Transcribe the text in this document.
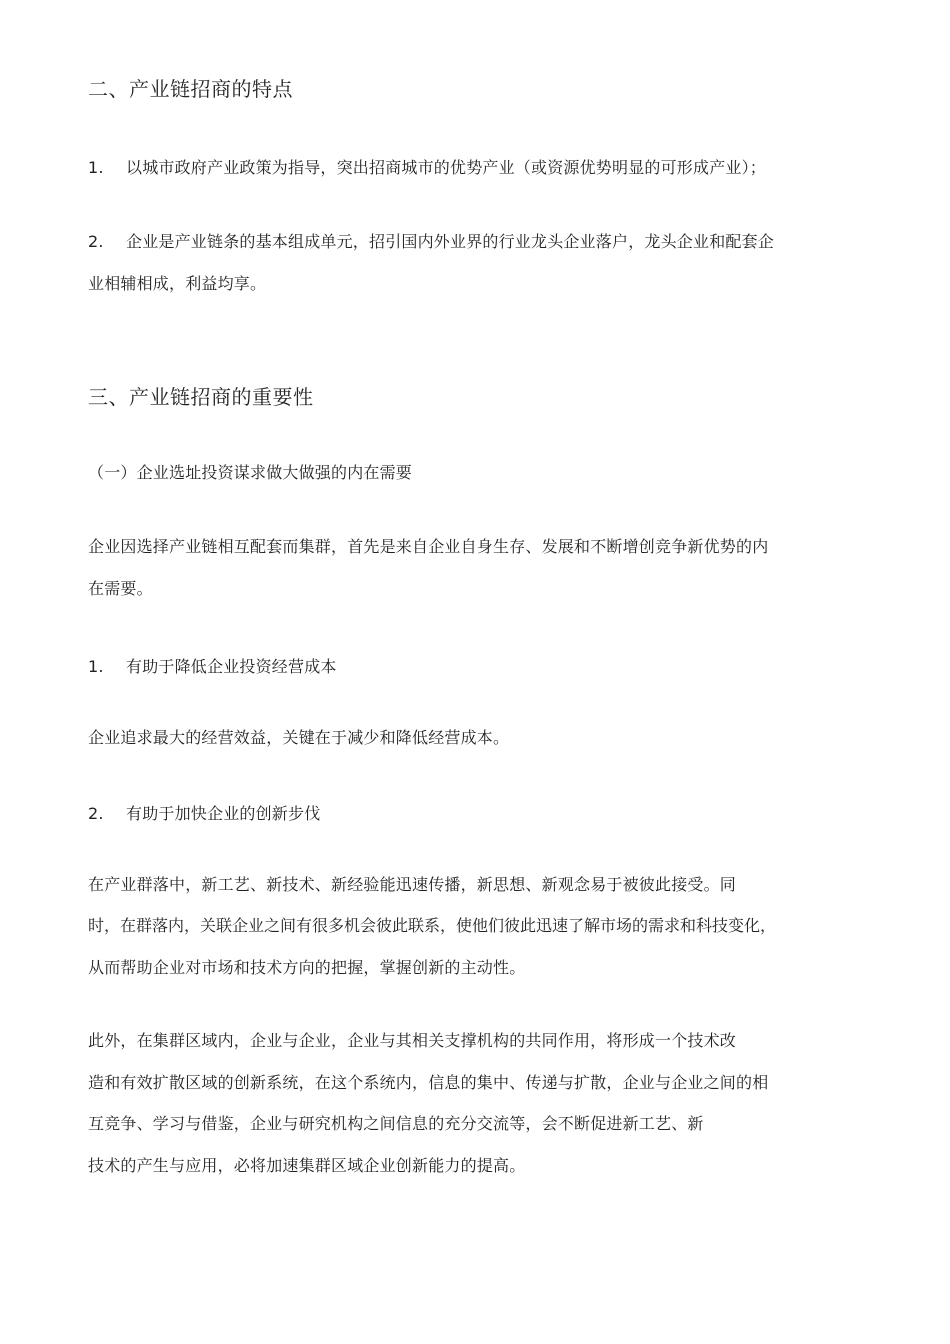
二、产业链招商的特点

1. 以城市政府产业政策为指导，突出招商城市的优势产业（或资源优势明显的可形成产业）；

2. 企业是产业链条的基本组成单元，招引国内外业界的行业龙头企业落户，龙头企业和配套企

业相辅相成，利益均享。

三、产业链招商的重要性

（一）企业选址投资谋求做大做强的内在需要

企业因选择产业链相互配套而集群，首先是来自企业自身生存、发展和不断增创竞争新优势的内

在需要。

1. 有助于降低企业投资经营成本

企业追求最大的经营效益，关键在于减少和降低经营成本。

2. 有助于加快企业的创新步伐

在产业群落中，新工艺、新技术、新经验能迅速传播，新思想、新观念易于被彼此接受。同

时，在群落内，关联企业之间有很多机会彼此联系，使他们彼此迅速了解市场的需求和科技变化，

从而帮助企业对市场和技术方向的把握，掌握创新的主动性。

此外，在集群区域内，企业与企业，企业与其相关支撑机构的共同作用，将形成一个技术改

造和有效扩散区域的创新系统，在这个系统内，信息的集中、传递与扩散，企业与企业之间的相

互竞争、学习与借鉴，企业与研究机构之间信息的充分交流等，会不断促进新工艺、新

技术的产生与应用，必将加速集群区域企业创新能力的提高。
